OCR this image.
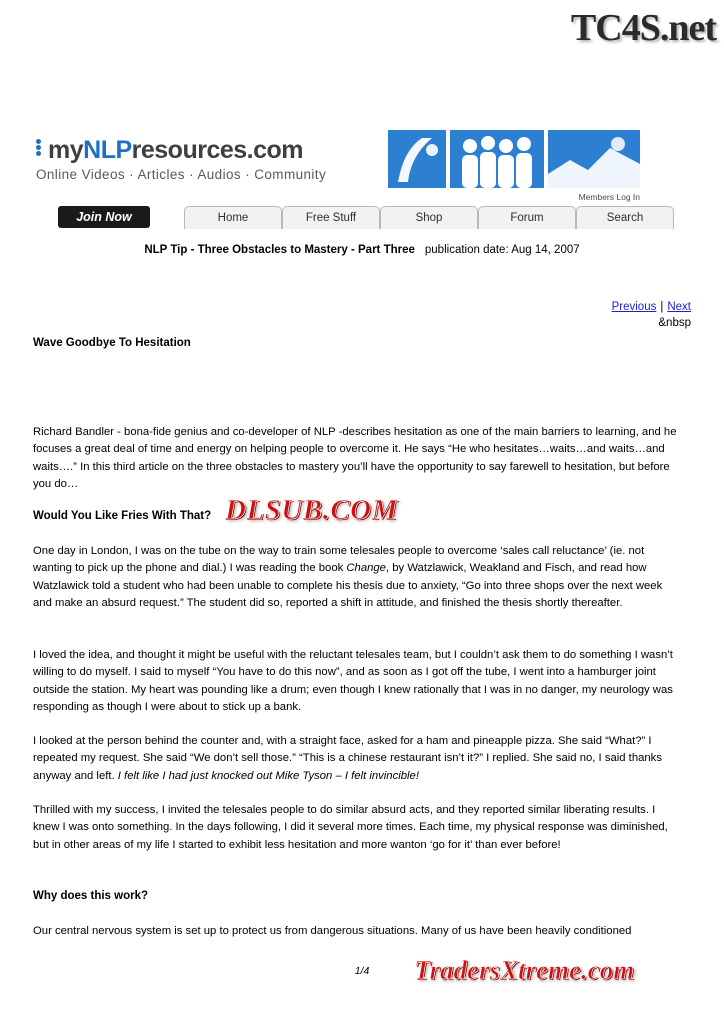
TC4S.net
myNLPresources.com
Online Videos · Articles · Audios · Community
Members Log In
Join Now	Home	Free Stuff	Shop	Forum	Search
NLP Tip - Three Obstacles to Mastery - Part Three publication date: Aug 14, 2007
Previous | Next
&nbsp
Wave Goodbye To Hesitation
Richard Bandler - bona-fide genius and co-developer of NLP -describes hesitation as one of the main barriers to learning, and he focuses a great deal of time and energy on helping people to overcome it. He says “He who hesitates…waits…and waits…and waits….” In this third article on the three obstacles to mastery you’ll have the opportunity to say farewell to hesitation, but before you do…
Would You Like Fries With That?
One day in London, I was on the tube on the way to train some telesales people to overcome ‘sales call reluctance’ (ie. not wanting to pick up the phone and dial.) I was reading the book Change, by Watzlawick, Weakland and Fisch, and read how Watzlawick told a student who had been unable to complete his thesis due to anxiety, “Go into three shops over the next week and make an absurd request.” The student did so, reported a shift in attitude, and finished the thesis shortly thereafter.
I loved the idea, and thought it might be useful with the reluctant telesales team, but I couldn’t ask them to do something I wasn’t willing to do myself. I said to myself “You have to do this now”, and as soon as I got off the tube, I went into a hamburger joint outside the station. My heart was pounding like a drum; even though I knew rationally that I was in no danger, my neurology was responding as though I were about to stick up a bank.
I looked at the person behind the counter and, with a straight face, asked for a ham and pineapple pizza. She said “What?” I repeated my request. She said “We don’t sell those.” “This is a chinese restaurant isn’t it?” I replied. She said no, I said thanks anyway and left. I felt like I had just knocked out Mike Tyson – I felt invincible!
Thrilled with my success, I invited the telesales people to do similar absurd acts, and they reported similar liberating results. I knew I was onto something. In the days following, I did it several more times. Each time, my physical response was diminished, but in other areas of my life I started to exhibit less hesitation and more wanton ‘go for it’ than ever before!
Why does this work?
Our central nervous system is set up to protect us from dangerous situations. Many of us have been heavily conditioned
DLSUB.COM
1/4	TradersXtreme.com
